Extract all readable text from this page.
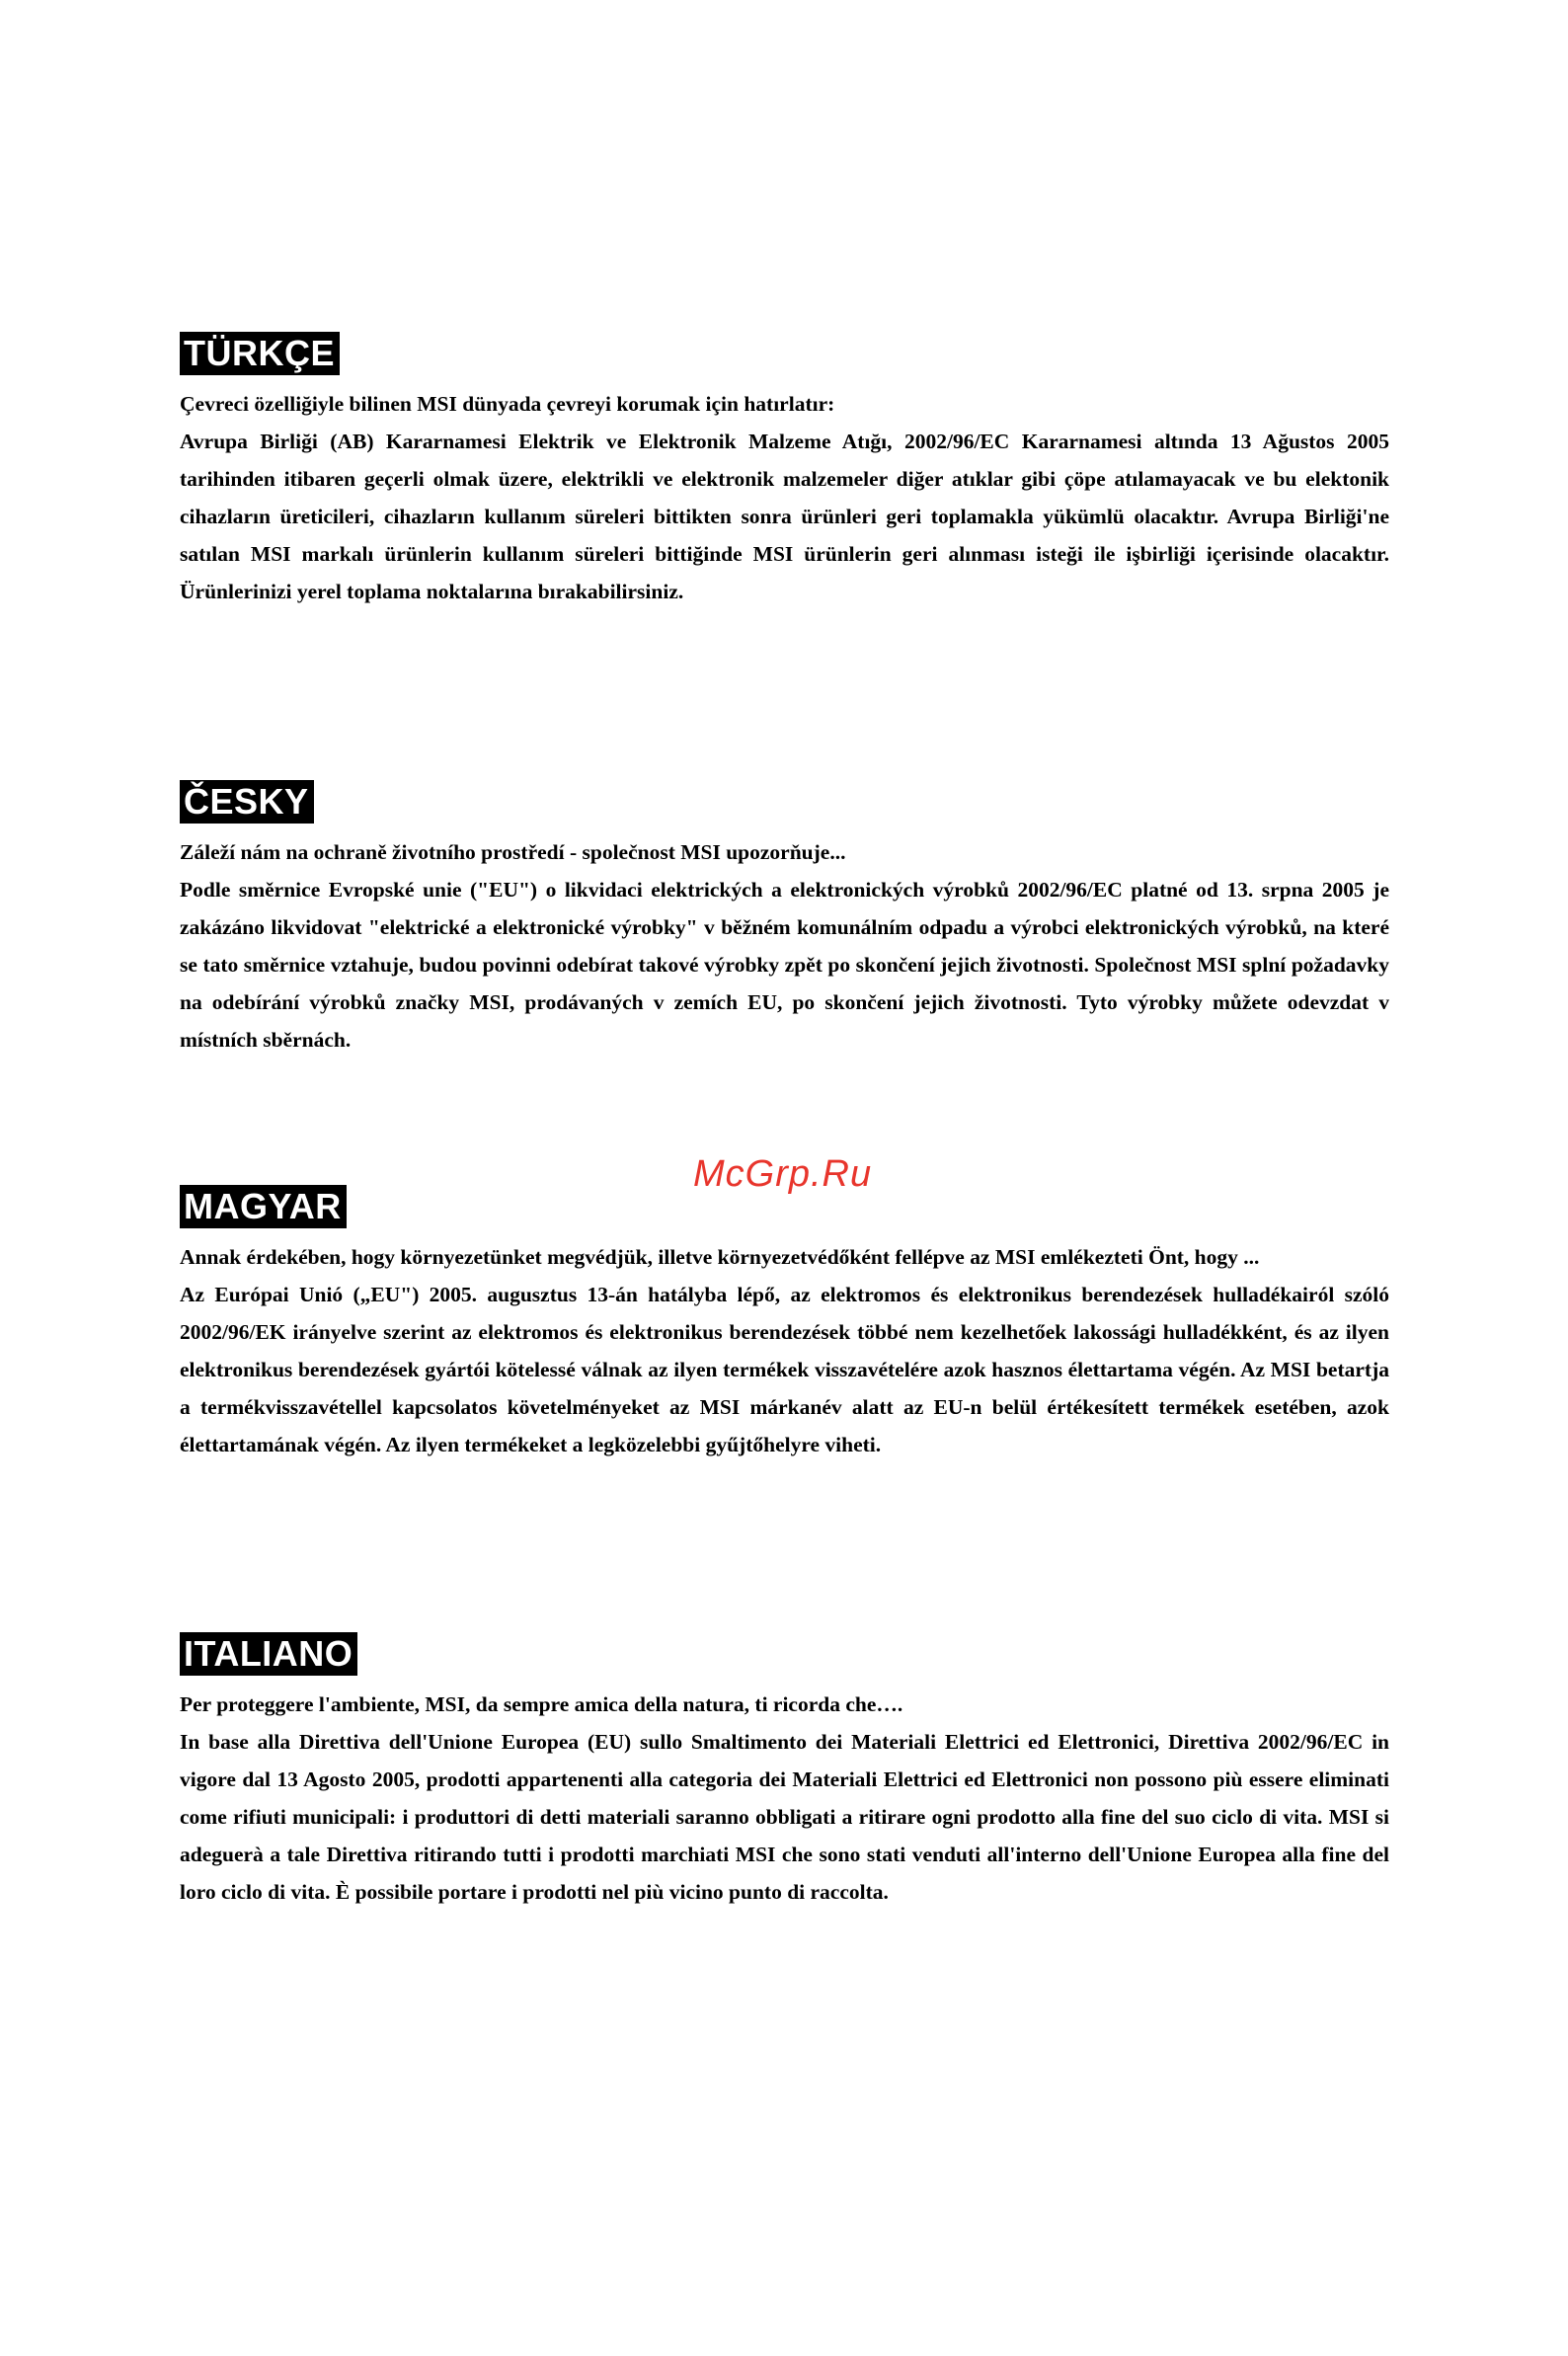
McGrp.Ru
TÜRKÇE

Çevreci özelliğiyle bilinen MSI dünyada çevreyi korumak için hatırlatır:

Avrupa Birliği (AB) Kararnamesi Elektrik ve Elektronik Malzeme Atığı, 2002/96/EC Kararnamesi altında 13 Ağustos 2005 tarihinden itibaren geçerli olmak üzere, elektrikli ve elektronik malzemeler diğer atıklar gibi çöpe atılamayacak ve bu elektonik cihazların üreticileri, cihazların kullanım süreleri bittikten sonra ürünleri geri toplamakla yükümlü olacaktır. Avrupa Birliği'ne satılan MSI markalı ürünlerin kullanım süreleri bittiğinde MSI ürünlerin geri alınması isteği ile işbirliği içerisinde olacaktır. Ürünlerinizi yerel toplama noktalarına bırakabilirsiniz.

ČESKY

Záleží nám na ochraně životního prostředí - společnost MSI upozorňuje...

Podle směrnice Evropské unie ("EU") o likvidaci elektrických a elektronických výrobků 2002/96/EC platné od 13. srpna 2005 je zakázáno likvidovat "elektrické a elektronické výrobky" v běžném komunálním odpadu a výrobci elektronických výrobků, na které se tato směrnice vztahuje, budou povinni odebírat takové výrobky zpět po skončení jejich životnosti. Společnost MSI splní požadavky na odebírání výrobků značky MSI, prodávaných v zemích EU, po skončení jejich životnosti. Tyto výrobky můžete odevzdat v místních sběrnách.

MAGYAR

Annak érdekében, hogy környezetünket megvédjük, illetve környezetvédőként fellépve az MSI emlékezteti Önt, hogy ...

Az Európai Unió („EU") 2005. augusztus 13-án hatályba lépő, az elektromos és elektronikus berendezések hulladékairól szóló 2002/96/EK irányelve szerint az elektromos és elektronikus berendezések többé nem kezelhetőek lakossági hulladékként, és az ilyen elektronikus berendezések gyártói kötelessé válnak az ilyen termékek visszavételére azok hasznos élettartama végén. Az MSI betartja a termékvisszavétellel kapcsolatos követelményeket az MSI márkanév alatt az EU-n belül értékesített termékek esetében, azok élettartamának végén. Az ilyen termékeket a legközelebbi gyűjtőhelyre viheti.

ITALIANO

Per proteggere l'ambiente, MSI, da sempre amica della natura, ti ricorda che….

In base alla Direttiva dell'Unione Europea (EU) sullo Smaltimento dei Materiali Elettrici ed Elettronici, Direttiva 2002/96/EC in vigore dal 13 Agosto 2005, prodotti appartenenti alla categoria dei Materiali Elettrici ed Elettronici non possono più essere eliminati come rifiuti municipali: i produttori di detti materiali saranno obbligati a ritirare ogni prodotto alla fine del suo ciclo di vita. MSI si adeguerà a tale Direttiva ritirando tutti i prodotti marchiati MSI che sono stati venduti all'interno dell'Unione Europea alla fine del loro ciclo di vita. È possibile portare i prodotti nel più vicino punto di raccolta.
